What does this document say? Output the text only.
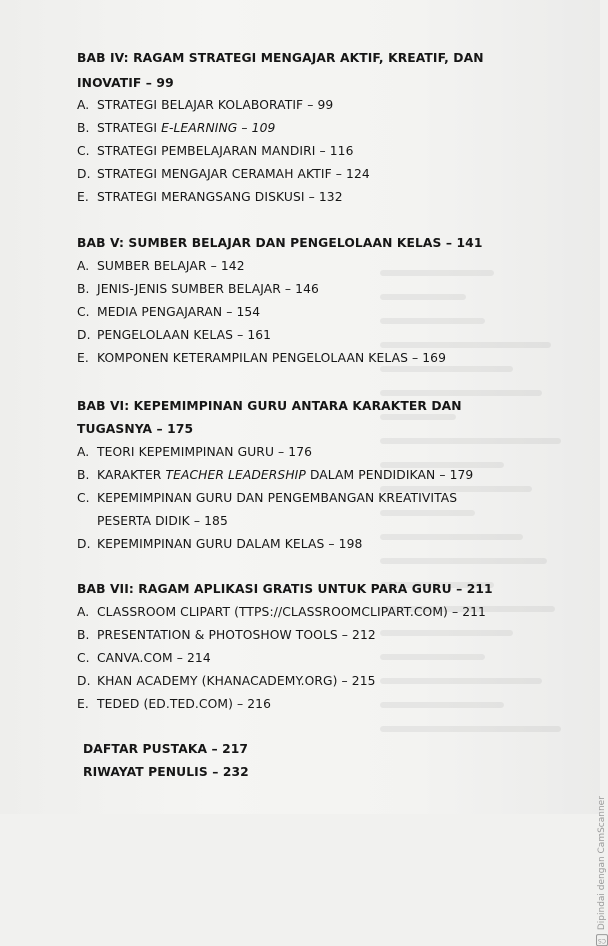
BAB IV: RAGAM STRATEGI MENGAJAR AKTIF, KREATIF, DAN
INOVATIF – 99
A. STRATEGI BELAJAR KOLABORATIF – 99
B. STRATEGI E-LEARNING – 109
C. STRATEGI PEMBELAJARAN MANDIRI – 116
D. STRATEGI MENGAJAR CERAMAH AKTIF – 124
E. STRATEGI MERANGSANG DISKUSI – 132
BAB V: SUMBER BELAJAR DAN PENGELOLAAN KELAS – 141
A. SUMBER BELAJAR – 142
B. JENIS-JENIS SUMBER BELAJAR – 146
C. MEDIA PENGAJARAN – 154
D. PENGELOLAAN KELAS – 161
E. KOMPONEN KETERAMPILAN PENGELOLAAN KELAS – 169
BAB VI: KEPEMIMPINAN GURU ANTARA KARAKTER DAN
TUGASNYA – 175
A. TEORI KEPEMIMPINAN GURU – 176
B. KARAKTER TEACHER LEADERSHIP DALAM PENDIDIKAN – 179
C. KEPEMIMPINAN GURU DAN PENGEMBANGAN KREATIVITAS
PESERTA DIDIK – 185
D. KEPEMIMPINAN GURU DALAM KELAS – 198
BAB VII: RAGAM APLIKASI GRATIS UNTUK PARA GURU – 211
A. CLASSROOM CLIPART (TTPS://CLASSROOMCLIPART.COM) – 211
B. PRESENTATION & PHOTOSHOW TOOLS – 212
C. CANVA.COM – 214
D. KHAN ACADEMY (KHANACADEMY.ORG) – 215
E. TEDED (ED.TED.COM) – 216
DAFTAR PUSTAKA – 217
RIWAYAT PENULIS – 232
CS
Dipindai dengan CamScanner
